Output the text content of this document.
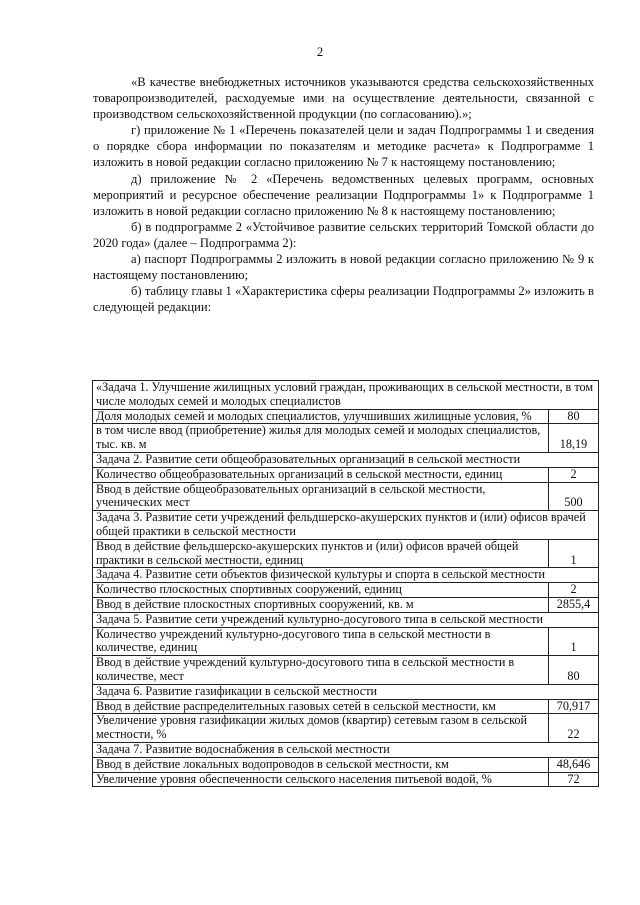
2

«В качестве внебюджетных источников указываются средства сельскохозяйственных товаропроизводителей, расходуемые ими на осуществление деятельности, связанной с производством сельскохозяйственной продукции (по согласованию).»;

г) приложение № 1 «Перечень показателей цели и задач Подпрограммы 1 и сведения о порядке сбора информации по показателям и методике расчета» к Подпрограмме 1 изложить в новой редакции согласно приложению № 7 к настоящему постановлению;

д) приложение № 2 «Перечень ведомственных целевых программ, основных мероприятий и ресурсное обеспечение реализации Подпрограммы 1» к Подпрограмме 1 изложить в новой редакции согласно приложению № 8 к настоящему постановлению;

б) в подпрограмме 2 «Устойчивое развитие сельских территорий Томской области до 2020 года» (далее – Подпрограмма 2):

а) паспорт Подпрограммы 2 изложить в новой редакции согласно приложению № 9 к настоящему постановлению;

б) таблицу главы 1 «Характеристика сферы реализации Подпрограммы 2» изложить в следующей редакции:

«Задача 1. Улучшение жилищных условий граждан, проживающих в сельской местности, в том числе молодых семей и молодых специалистов	
Доля молодых семей и молодых специалистов, улучшивших жилищные условия, %	80
в том числе ввод (приобретение) жилья для молодых семей и молодых специалистов, тыс. кв. м	18,19
Задача 2. Развитие сети общеобразовательных организаций в сельской местности	
Количество общеобразовательных организаций в сельской местности, единиц	2
Ввод в действие общеобразовательных организаций в сельской местности, ученических мест	500
Задача 3. Развитие сети учреждений фельдшерско-акушерских пунктов и (или) офисов врачей общей практики в сельской местности	
Ввод в действие фельдшерско-акушерских пунктов и (или) офисов врачей общей практики в сельской местности, единиц	1
Задача 4. Развитие сети объектов физической культуры и спорта в сельской местности	
Количество плоскостных спортивных сооружений, единиц	2
Ввод в действие плоскостных спортивных сооружений, кв. м	2855,4
Задача 5. Развитие сети учреждений культурно-досугового типа в сельской местности	
Количество учреждений культурно-досугового типа в сельской местности в количестве, единиц	1
Ввод в действие учреждений культурно-досугового типа в сельской местности в количестве, мест	80
Задача 6. Развитие газификации в сельской местности	
Ввод в действие распределительных газовых сетей в сельской местности, км	70,917
Увеличение уровня газификации жилых домов (квартир) сетевым газом в сельской местности, %	22
Задача 7. Развитие водоснабжения в сельской местности	
Ввод в действие локальных водопроводов в сельской местности, км	48,646
Увеличение уровня обеспеченности сельского населения питьевой водой, %	72
